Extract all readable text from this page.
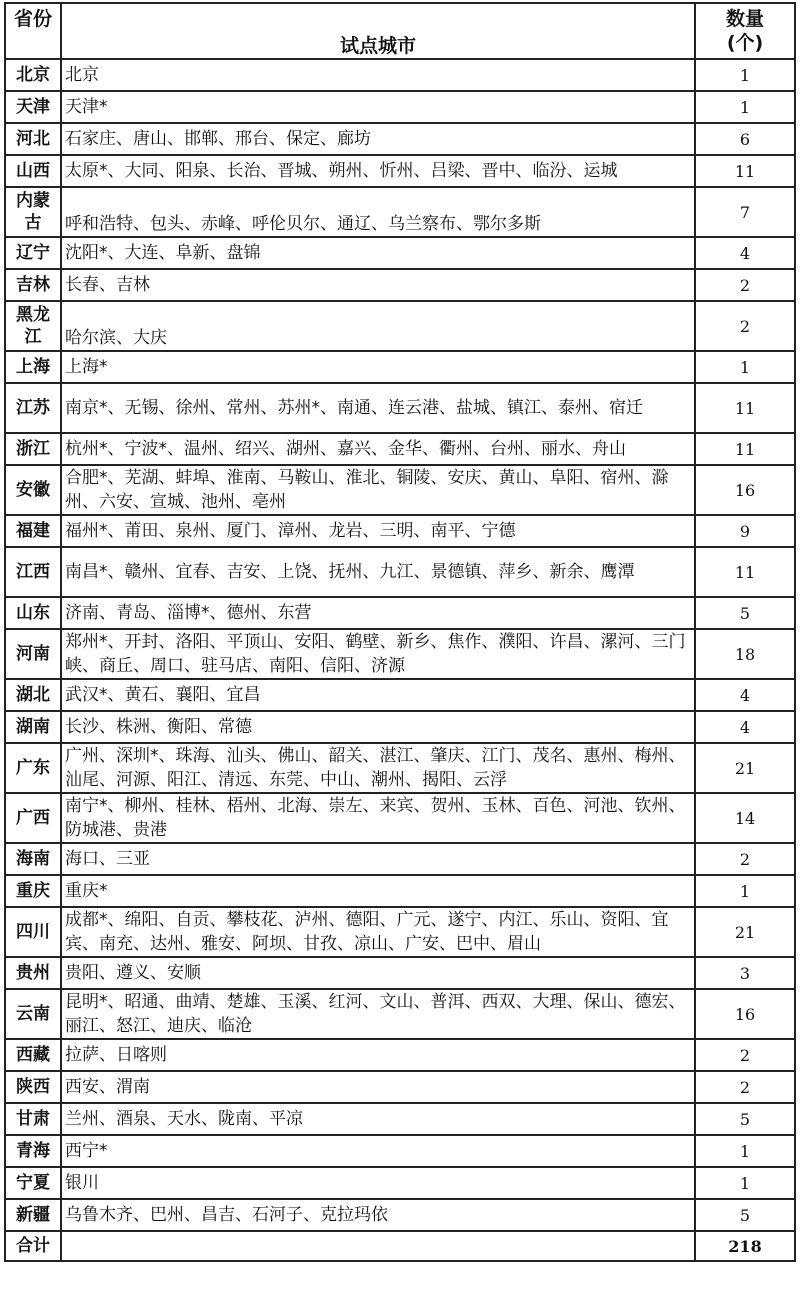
省份	试点城市	数量
(个)
北京	北京	1
天津	天津*	1
河北	石家庄、唐山、邯郸、邢台、保定、廊坊	6
山西	太原*、大同、阳泉、长治、晋城、朔州、忻州、吕梁、晋中、临汾、运城	11
内蒙古	呼和浩特、包头、赤峰、呼伦贝尔、通辽、乌兰察布、鄂尔多斯	7
辽宁	沈阳*、大连、阜新、盘锦	4
吉林	长春、吉林	2
黑龙江	哈尔滨、大庆	2
上海	上海*	1
江苏	南京*、无锡、徐州、常州、苏州*、南通、连云港、盐城、镇江、泰州、宿迁	11
浙江	杭州*、宁波*、温州、绍兴、湖州、嘉兴、金华、衢州、台州、丽水、舟山	11
安徽	合肥*、芜湖、蚌埠、淮南、马鞍山、淮北、铜陵、安庆、黄山、阜阳、宿州、滁州、六安、宣城、池州、亳州	16
福建	福州*、莆田、泉州、厦门、漳州、龙岩、三明、南平、宁德	9
江西	南昌*、赣州、宜春、吉安、上饶、抚州、九江、景德镇、萍乡、新余、鹰潭	11
山东	济南、青岛、淄博*、德州、东营	5
河南	郑州*、开封、洛阳、平顶山、安阳、鹤壁、新乡、焦作、濮阳、许昌、漯河、三门峡、商丘、周口、驻马店、南阳、信阳、济源	18
湖北	武汉*、黄石、襄阳、宜昌	4
湖南	长沙、株洲、衡阳、常德	4
广东	广州、深圳*、珠海、汕头、佛山、韶关、湛江、肇庆、江门、茂名、惠州、梅州、汕尾、河源、阳江、清远、东莞、中山、潮州、揭阳、云浮	21
广西	南宁*、柳州、桂林、梧州、北海、崇左、来宾、贺州、玉林、百色、河池、钦州、防城港、贵港	14
海南	海口、三亚	2
重庆	重庆*	1
四川	成都*、绵阳、自贡、攀枝花、泸州、德阳、广元、遂宁、内江、乐山、资阳、宜宾、南充、达州、雅安、阿坝、甘孜、凉山、广安、巴中、眉山	21
贵州	贵阳、遵义、安顺	3
云南	昆明*、昭通、曲靖、楚雄、玉溪、红河、文山、普洱、西双、大理、保山、德宏、丽江、怒江、迪庆、临沧	16
西藏	拉萨、日喀则	2
陕西	西安、渭南	2
甘肃	兰州、酒泉、天水、陇南、平凉	5
青海	西宁*	1
宁夏	银川	1
新疆	乌鲁木齐、巴州、昌吉、石河子、克拉玛依	5
合计		218
